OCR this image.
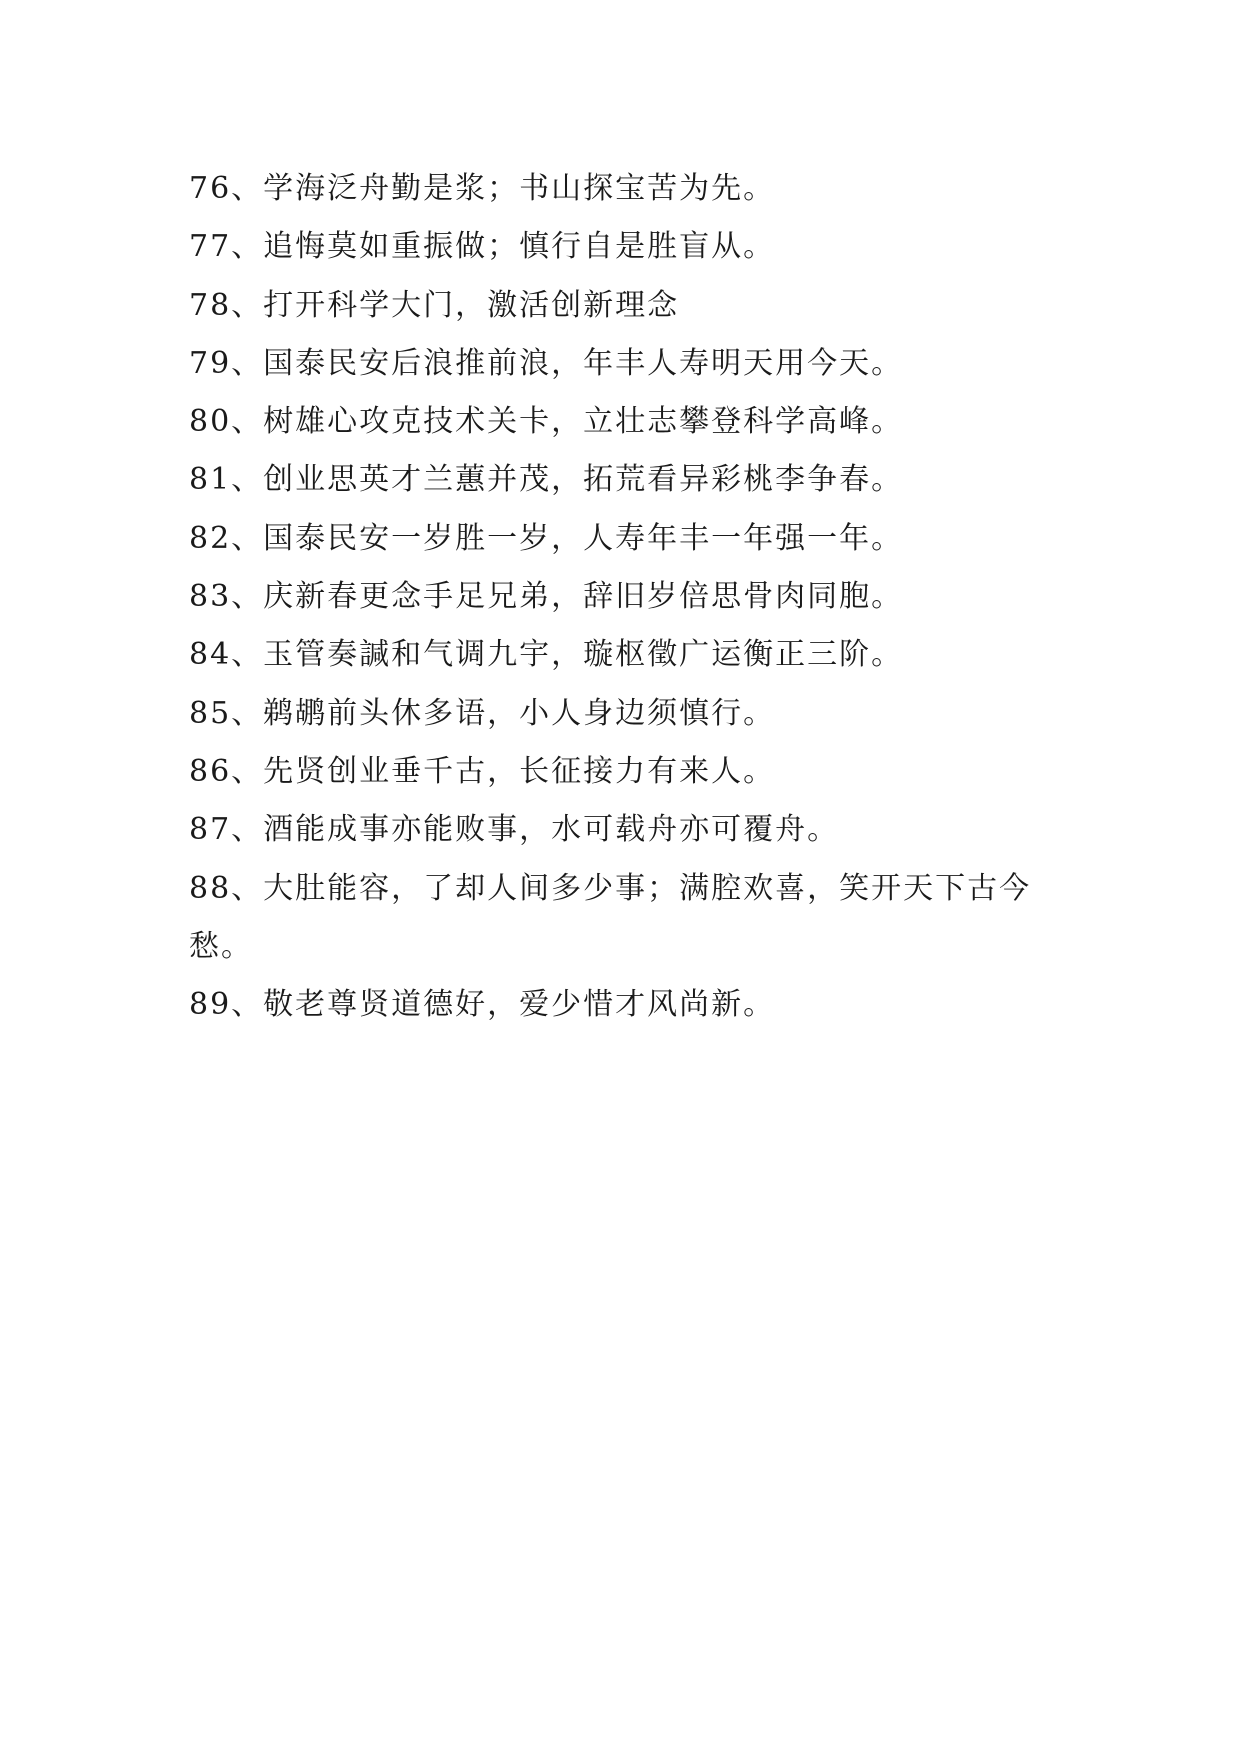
76、学海泛舟勤是浆；书山探宝苦为先。

77、追悔莫如重振做；慎行自是胜盲从。

78、打开科学大门，激活创新理念

79、国泰民安后浪推前浪，年丰人寿明天用今天。

80、树雄心攻克技术关卡，立壮志攀登科学高峰。

81、创业思英才兰蕙并茂，拓荒看异彩桃李争春。

82、国泰民安一岁胜一岁，人寿年丰一年强一年。

83、庆新春更念手足兄弟，辞旧岁倍思骨肉同胞。

84、玉管奏諴和气调九宇，璇枢徵广运衡正三阶。

85、鹈鹕前头休多语，小人身边须慎行。

86、先贤创业垂千古，长征接力有来人。

87、酒能成事亦能败事，水可载舟亦可覆舟。

88、大肚能容，了却人间多少事；满腔欢喜，笑开天下古今愁。

89、敬老尊贤道德好，爱少惜才风尚新。
